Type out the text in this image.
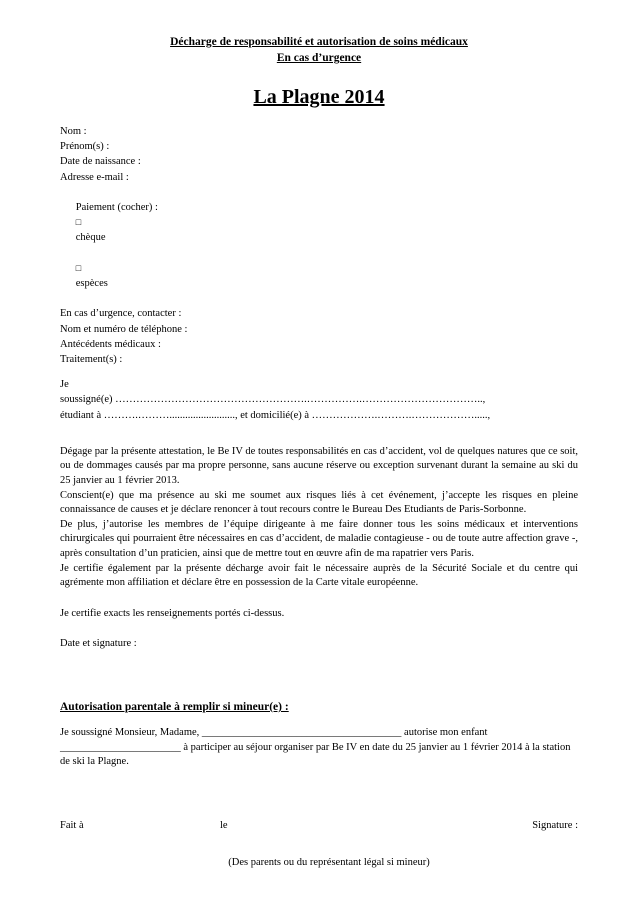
Décharge de responsabilité et autorisation de soins médicaux
En cas d’urgence
La Plagne 2014
Nom :
Prénom(s) :
Date de naissance :
Adresse e-mail :

Paiement (cocher) :
□
chèque

□
espèces

En cas d’urgence, contacter :
Nom et numéro de téléphone :
Antécédents médicaux :
Traitement(s) :
Je
soussigné(e) ……………………………………………….…………….……………………………..,
étudiant à ……….………........................., et domicilié(e) à ……………….……….……………….....,
Dégage par la présente attestation, le Be IV de toutes responsabilités en cas d’accident, vol de quelques natures que ce soit, ou de dommages causés par ma propre personne, sans aucune réserve ou exception survenant durant la semaine au ski du 25 janvier au 1 février 2013.
Conscient(e) que ma présence au ski me soumet aux risques liés à cet événement, j’accepte les risques en pleine connaissance de causes et je déclare renoncer à tout recours contre le Bureau Des Etudiants de Paris-Sorbonne.
De plus, j’autorise les membres de l’équipe dirigeante à me faire donner tous les soins médicaux et interventions chirurgicales qui pourraient être nécessaires en cas d’accident, de maladie contagieuse - ou de toute autre affection grave -, après consultation d’un praticien, ainsi que de mettre tout en œuvre afin de ma rapatrier vers Paris.
Je certifie également par la présente décharge avoir fait le nécessaire auprès de la Sécurité Sociale et du centre qui agrémente mon affiliation et déclare être en possession de la Carte vitale européenne.
Je certifie exacts les renseignements portés ci-dessus.
Date et signature :
Autorisation parentale à remplir si mineur(e) :
Je soussigné Monsieur, Madame, ______________________________________ autorise mon enfant _______________________ à participer au séjour organiser par Be IV en date du 25 janvier au 1 février 2014 à la station de ski la Plagne.
Fait à	le	Signature :
(Des parents ou du représentant légal si mineur)
